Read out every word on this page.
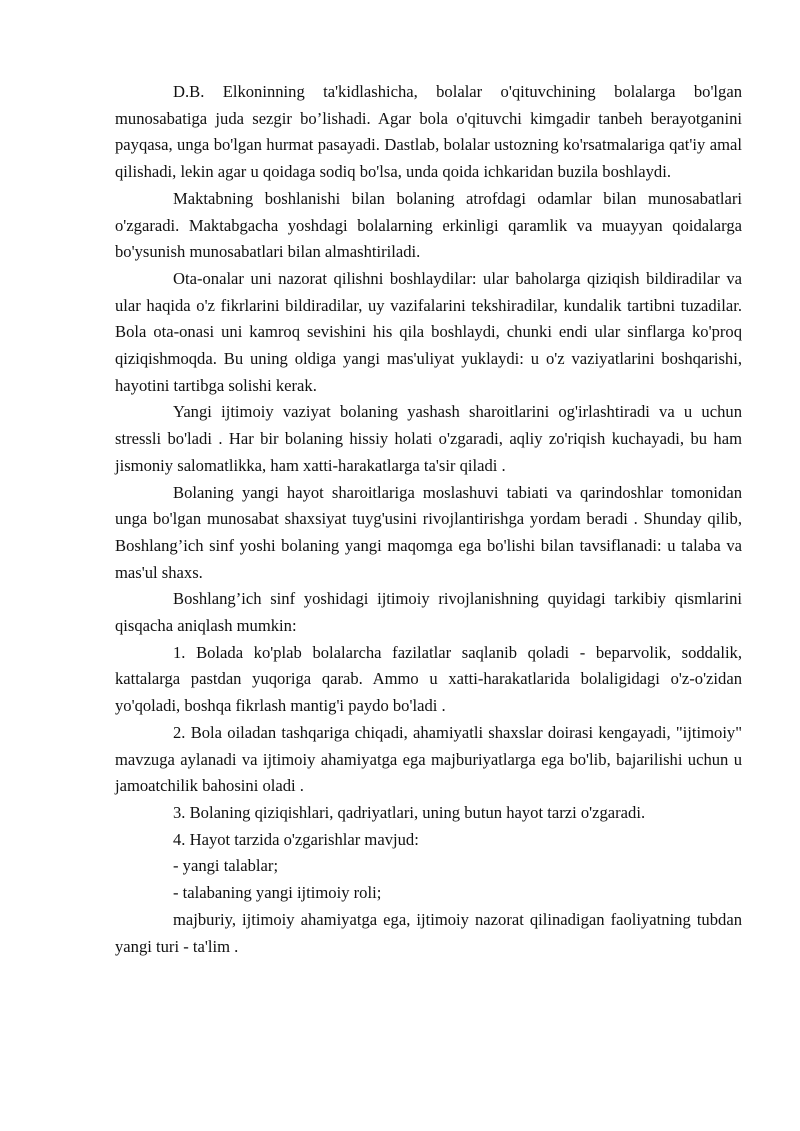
D.B. Elkoninning ta'kidlashicha, bolalar o'qituvchining bolalarga bo'lgan munosabatiga juda sezgir bo’lishadi. Agar bola o'qituvchi kimgadir tanbeh berayotganini payqasa, unga bo'lgan hurmat pasayadi. Dastlab, bolalar ustozning ko'rsatmalariga qat'iy amal qilishadi, lekin agar u qoidaga sodiq bo'lsa, unda qoida ichkaridan buzila boshlaydi.

Maktabning boshlanishi bilan bolaning atrofdagi odamlar bilan munosabatlari o'zgaradi. Maktabgacha yoshdagi bolalarning erkinligi qaramlik va muayyan qoidalarga bo'ysunish munosabatlari bilan almashtiriladi.

Ota-onalar uni nazorat qilishni boshlaydilar: ular baholarga qiziqish bildiradilar va ular haqida o'z fikrlarini bildiradilar, uy vazifalarini tekshiradilar, kundalik tartibni tuzadilar. Bola ota-onasi uni kamroq sevishini his qila boshlaydi, chunki endi ular sinflarga ko'proq qiziqishmoqda. Bu uning oldiga yangi mas'uliyat yuklaydi: u o'z vaziyatlarini boshqarishi, hayotini tartibga solishi kerak.

Yangi ijtimoiy vaziyat bolaning yashash sharoitlarini og'irlashtiradi va u uchun stressli bo'ladi . Har bir bolaning hissiy holati o'zgaradi, aqliy zo'riqish kuchayadi, bu ham jismoniy salomatlikka, ham xatti-harakatlarga ta'sir qiladi .

Bolaning yangi hayot sharoitlariga moslashuvi tabiati va qarindoshlar tomonidan unga bo'lgan munosabat shaxsiyat tuyg'usini rivojlantirishga yordam beradi . Shunday qilib, Boshlang’ich sinf yoshi bolaning yangi maqomga ega bo'lishi bilan tavsiflanadi: u talaba va mas'ul shaxs.

Boshlang’ich sinf yoshidagi ijtimoiy rivojlanishning quyidagi tarkibiy qismlarini qisqacha aniqlash mumkin:

1. Bolada ko'plab bolalarcha fazilatlar saqlanib qoladi - beparvolik, soddalik, kattalarga pastdan yuqoriga qarab. Ammo u xatti-harakatlarida bolaligidagi o'z-o'zidan yo'qoladi, boshqa fikrlash mantig'i paydo bo'ladi .

2. Bola oiladan tashqariga chiqadi, ahamiyatli shaxslar doirasi kengayadi, "ijtimoiy" mavzuga aylanadi va ijtimoiy ahamiyatga ega majburiyatlarga ega bo'lib, bajarilishi uchun u jamoatchilik bahosini oladi .

3. Bolaning qiziqishlari, qadriyatlari, uning butun hayot tarzi o'zgaradi.

4. Hayot tarzida o'zgarishlar mavjud:

- yangi talablar;

- talabaning yangi ijtimoiy roli;

majburiy, ijtimoiy ahamiyatga ega, ijtimoiy nazorat qilinadigan faoliyatning tubdan yangi turi - ta'lim .
